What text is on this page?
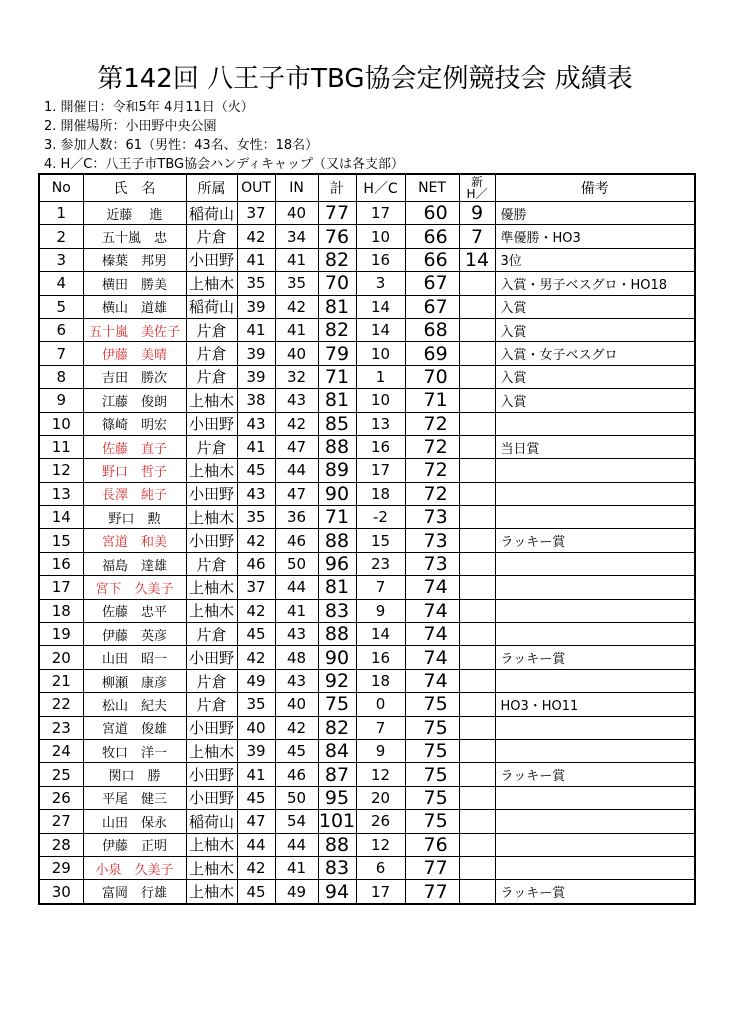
第142回 八王子市TBG協会定例競技会 成績表
1. 開催日：令和5年 4月11日（火）
2. 開催場所：小田野中央公園
3. 参加人数：61（男性：43名、女性：18名）
4. H／C：八王子市TBG協会ハンディキャップ（又は各支部）
No	氏　名	所属	OUT	IN	計	H／C	NET	新
H／	備考
1	近藤　 進	稲荷山	37	40	77	17	60	9	優勝
2	五十嵐　忠	片倉	42	34	76	10	66	7	準優勝・HO3
3	榛葉　邦男	小田野	41	41	82	16	66	14	3位
4	横田　勝美	上柚木	35	35	70	3	67		入賞・男子ベスグロ・HO18
5	横山　道雄	稲荷山	39	42	81	14	67		入賞
6	五十嵐　美佐子	片倉	41	41	82	14	68		入賞
7	伊藤　美晴	片倉	39	40	79	10	69		入賞・女子ベスグロ
8	吉田　勝次	片倉	39	32	71	1	70		入賞
9	江藤　俊朗	上柚木	38	43	81	10	71		入賞
10	篠崎　明宏	小田野	43	42	85	13	72		
11	佐藤　直子	片倉	41	47	88	16	72		当日賞
12	野口　哲子	上柚木	45	44	89	17	72		
13	長澤　純子	小田野	43	47	90	18	72		
14	野口　勲	上柚木	35	36	71	-2	73		
15	宮道　和美	小田野	42	46	88	15	73		ラッキー賞
16	福島　達雄	片倉	46	50	96	23	73		
17	宮下　久美子	上柚木	37	44	81	7	74		
18	佐藤　忠平	上柚木	42	41	83	9	74		
19	伊藤　英彦	片倉	45	43	88	14	74		
20	山田　昭一	小田野	42	48	90	16	74		ラッキー賞
21	柳瀬　康彦	片倉	49	43	92	18	74		
22	松山　紀夫	片倉	35	40	75	0	75		HO3・HO11
23	宮道　俊雄	小田野	40	42	82	7	75		
24	牧口　洋一	上柚木	39	45	84	9	75		
25	関口　勝	小田野	41	46	87	12	75		ラッキー賞
26	平尾　健三	小田野	45	50	95	20	75		
27	山田　保永	稲荷山	47	54	101	26	75		
28	伊藤　正明	上柚木	44	44	88	12	76		
29	小泉　久美子	上柚木	42	41	83	6	77		
30	富岡　行雄	上柚木	45	49	94	17	77		ラッキー賞
